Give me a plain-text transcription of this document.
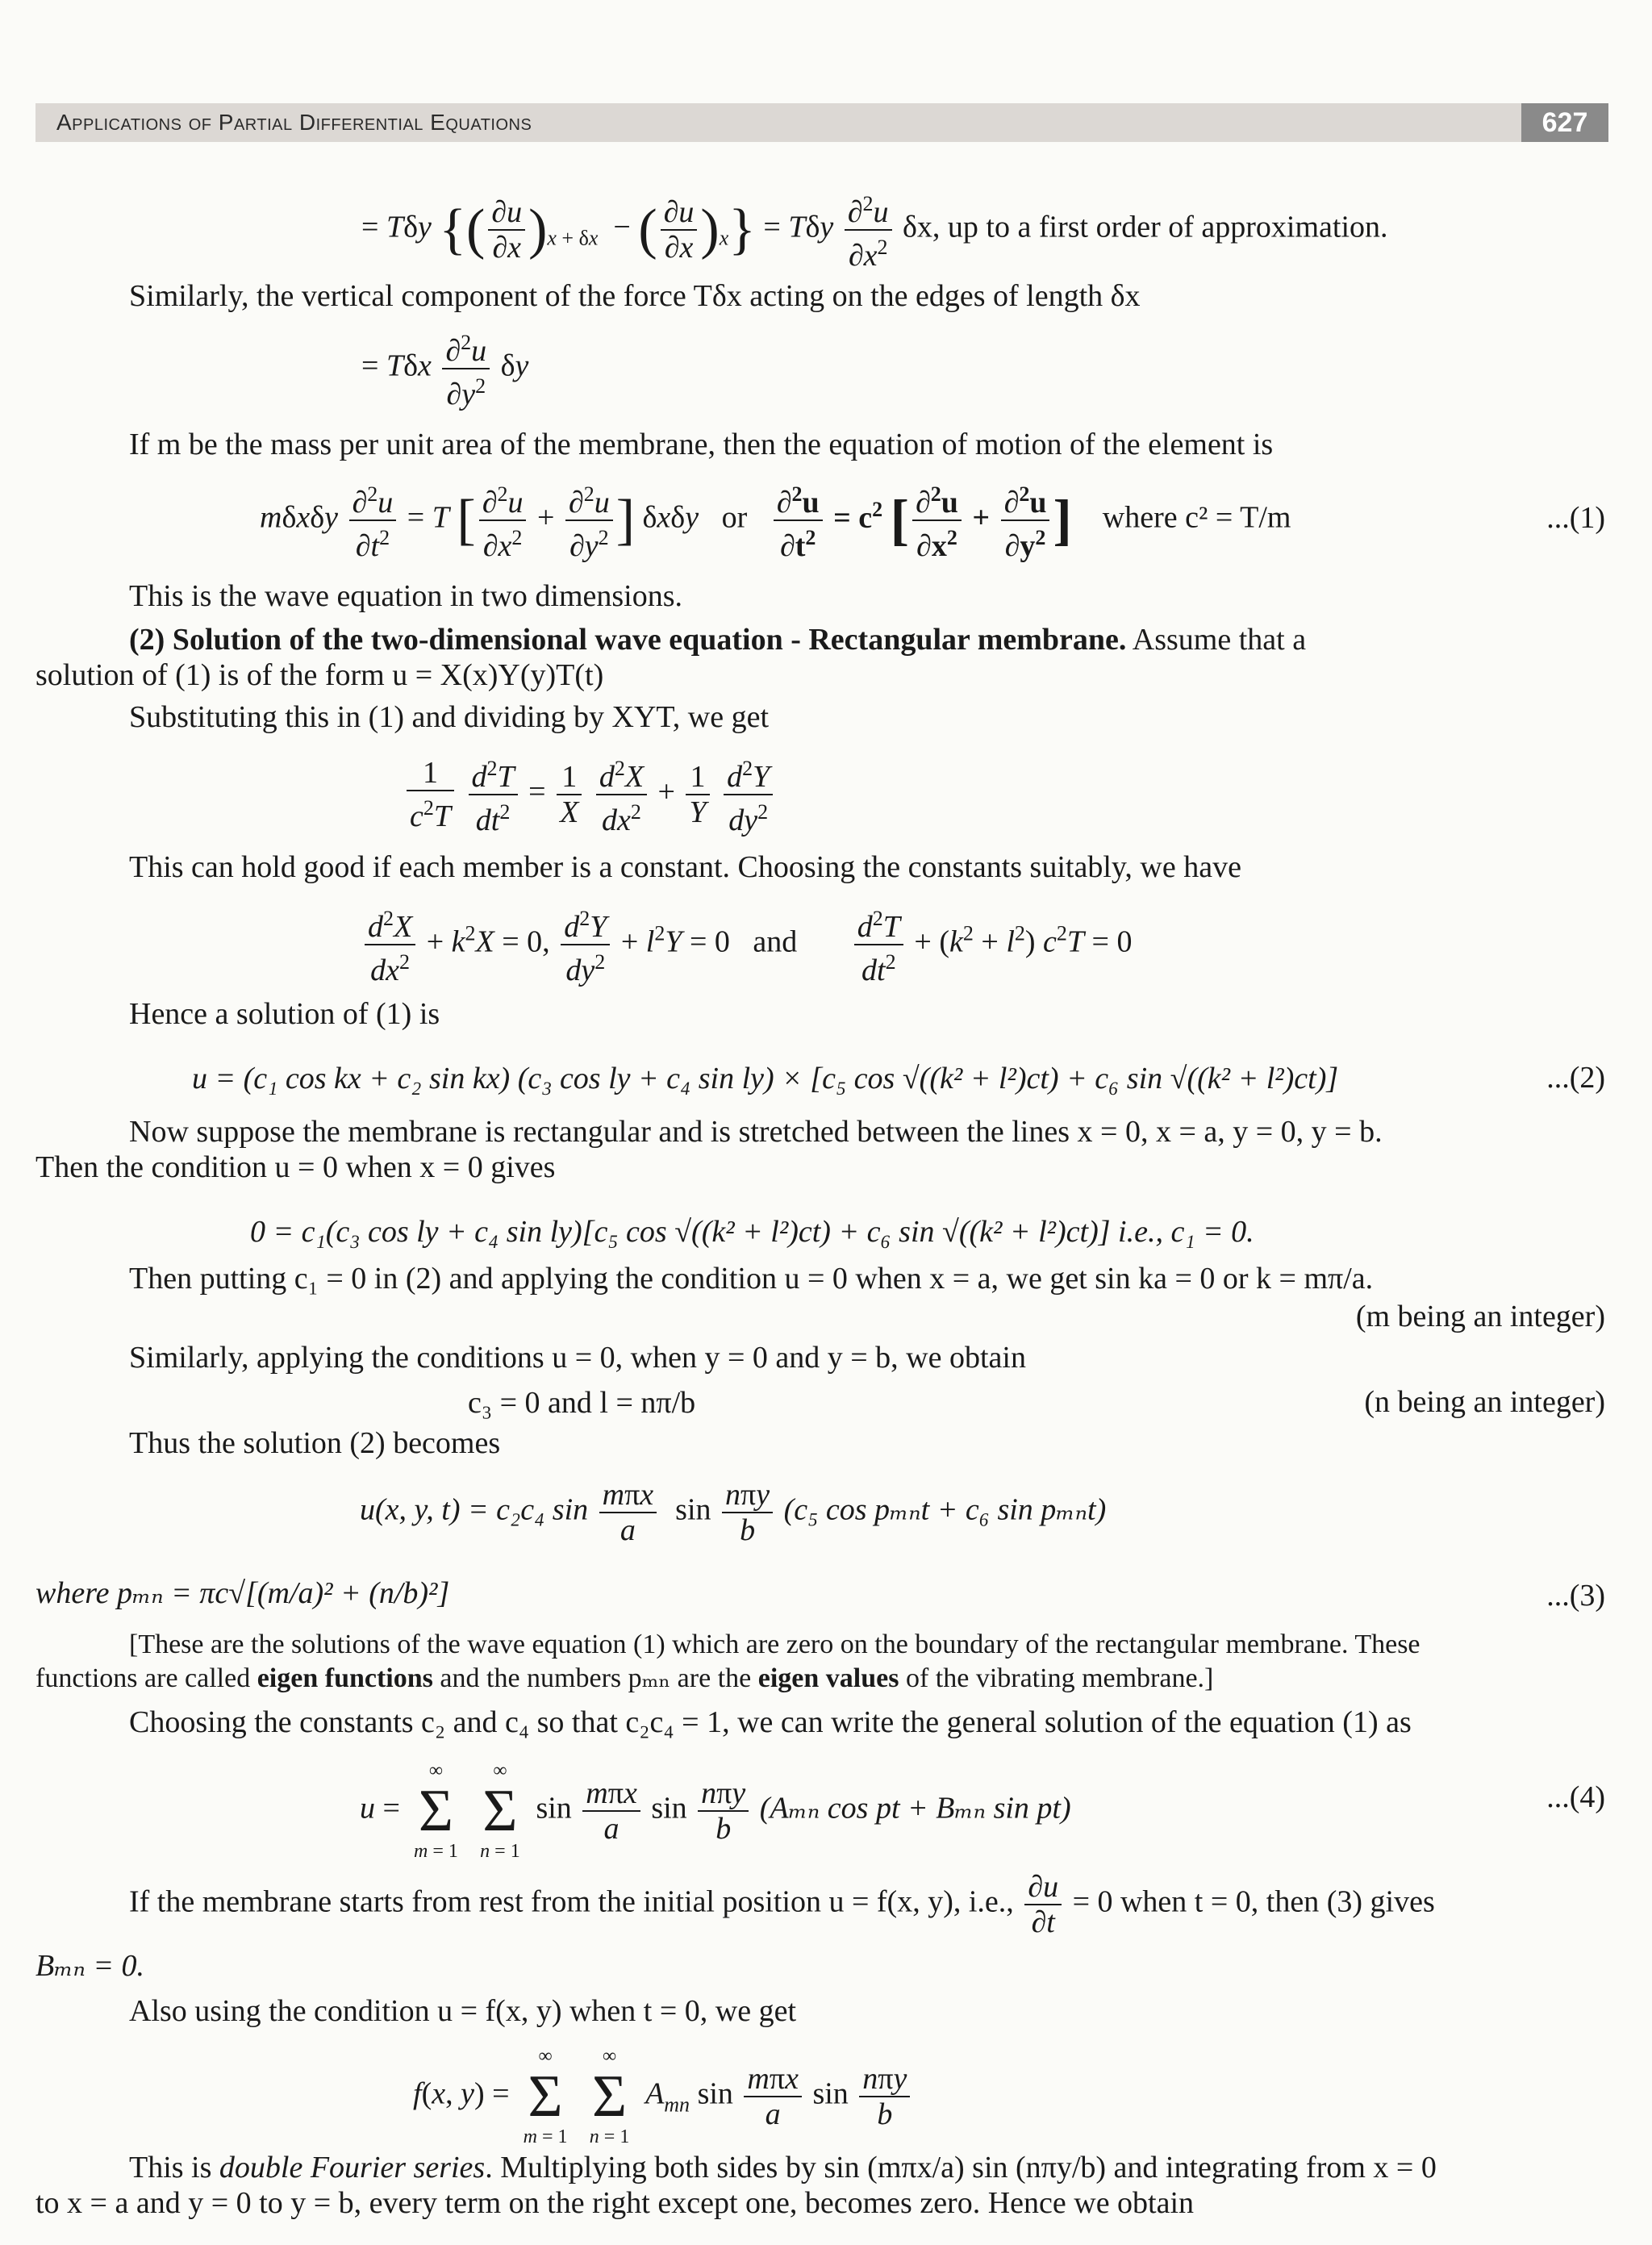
Applications of Partial Differential Equations	627
= Tδy {( $\frac{\partial u}{\partial x} )_{x + \delta x}$  − ( $\frac{\partial u}{\partial x} )_x\} = T\delta y \frac{\partial^2u}{\partial x^2} \delta x$, up to a first order of approximation.
Similarly, the vertical component of the force Tδx acting on the edges of length δx
= Tδx $\frac{\partial^2u}{\partial y^2}$ δy
If m be the mass per unit area of the membrane, then the equation of motion of the element is
mδxδy $\frac{\partial^2u}{\partial t^2} = T$ [ $\frac{\partial^2u}{\partial x^2} + \frac{\partial^2u}{\partial y^2}$ ] δxδy   or $\frac{\partial^2u}{\partial t^2} = c^2$ [ $\frac{\partial^2u}{\partial x^2} + \frac{\partial^2u}{\partial y^2}$ ] where c² = T/m	...(1)
This is the wave equation in two dimensions.
(2) Solution of the two-dimensional wave equation - Rectangular membrane. Assume that a
solution of (1) is of the form u = X(x)Y(y)T(t)
Substituting this in (1) and dividing by XYT, we get
$\frac{1}{c^2T}$
$\frac{d^2T}{dt^2} = \frac{1}{X}$
$\frac{d^2X}{dx^2} + \frac{1}{Y}$
$\frac{d^2Y}{dy^2}$
This can hold good if each member is a constant. Choosing the constants suitably, we have
$\frac{d^2X}{dx^2} + k^2X = 0$, $\frac{d^2Y}{dy^2} + l^2Y = 0$   and $\frac{d^2T}{dt^2} + (k^2 + l^2) c^2T = 0$
Hence a solution of (1) is
u = (c₁ cos kx + c₂ sin kx) (c₃ cos ly + c₄ sin ly) × [c₅ cos √((k² + l²)ct) + c₆ sin √((k² + l²)ct)]	...(2)
Now suppose the membrane is rectangular and is stretched between the lines x = 0, x = a, y = 0, y = b.
Then the condition u = 0 when x = 0 gives
0 = c₁(c₃ cos ly + c₄ sin ly)[c₅ cos √((k² + l²)ct) + c₆ sin √((k² + l²)ct)] i.e., c₁ = 0.
Then putting c₁ = 0 in (2) and applying the condition u = 0 when x = a, we get sin ka = 0 or k = mπ/a.
(m being an integer)
Similarly, applying the conditions u = 0, when y = 0 and y = b, we obtain
c₃ = 0 and l = nπ/b	(n being an integer)
Thus the solution (2) becomes
u(x, y, t) = c₂c₄ $\sin \frac{\text{mπx}}{a}$ $\sin \frac{\text{nπy}}{b} (c_5$ cos pₘₙt + c₆ sin pₘₙt)
where pₘₙ = πc√[(m/a)² + (n/b)²]	...(3)
[These are the solutions of the wave equation (1) which are zero on the boundary of the rectangular membrane. These
functions are called eigen functions and the numbers pₘₙ are the eigen values of the vibrating membrane.]
Choosing the constants c₂ and c₄ so that c₂c₄ = 1, we can write the general solution of the equation (1) as
u =
∞
Σ
m = 1

∞
Σ
n = 1
$\sin \frac{\text{mπx}}{a}$ $\sin \frac{\text{nπy}}{b} (A_{mn}$ cos pt + Bₘₙ sin pt)	...(4)
If the membrane starts from rest from the initial position u = f(x, y), i.e., $\frac{\partial u}{\partial t} = 0$ when t = 0, then (3) gives
Bₘₙ = 0.
Also using the condition u = f(x, y) when t = 0, we get
f(x, y) =
∞
Σ
m = 1

∞
Σ
n = 1
$A_{mn}$ $\sin \frac{\text{mπx}}{a}$ $\sin \frac{\text{nπy}}{b}$
This is double Fourier series. Multiplying both sides by sin (mπx/a) sin (nπy/b) and integrating from x = 0
to x = a and y = 0 to y = b, every term on the right except one, becomes zero. Hence we obtain
